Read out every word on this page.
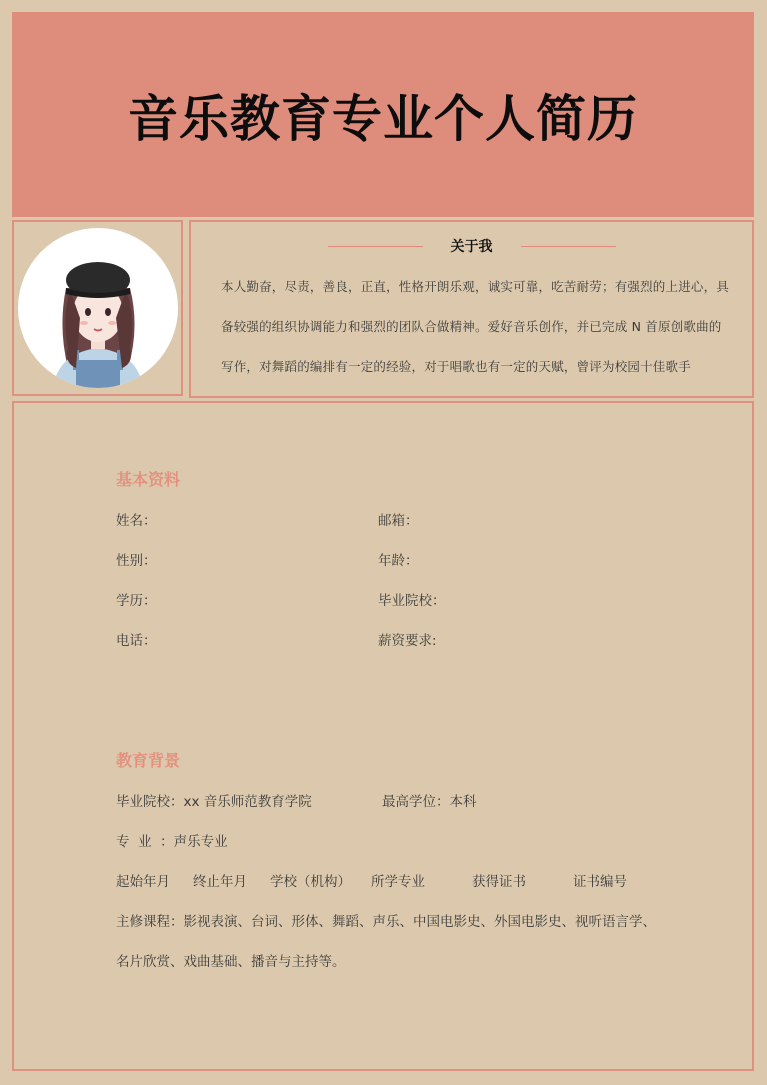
音乐教育专业个人简历
关于我
本人勤奋，尽责，善良，正直，性格开朗乐观，诚实可靠，吃苦耐劳；有强烈的上进心，具
备较强的组织协调能力和强烈的团队合做精神。爱好音乐创作，并已完成 N 首原创歌曲的
写作，对舞蹈的编排有一定的经验，对于唱歌也有一定的天赋，曾评为校园十佳歌手
基本资料
姓名：	邮箱：
性别：	年龄：
学历：	毕业院校：
电话：	薪资要求:
教育背景
毕业院校：xx 音乐师范教育学院	最高学位：本科
专  业  ：声乐专业
起始年月 终止年月 学校（机构） 所学专业	获得证书	证书编号
主修课程：影视表演、台词、形体、舞蹈、声乐、中国电影史、外国电影史、视听语言学、
名片欣赏、戏曲基础、播音与主持等。
